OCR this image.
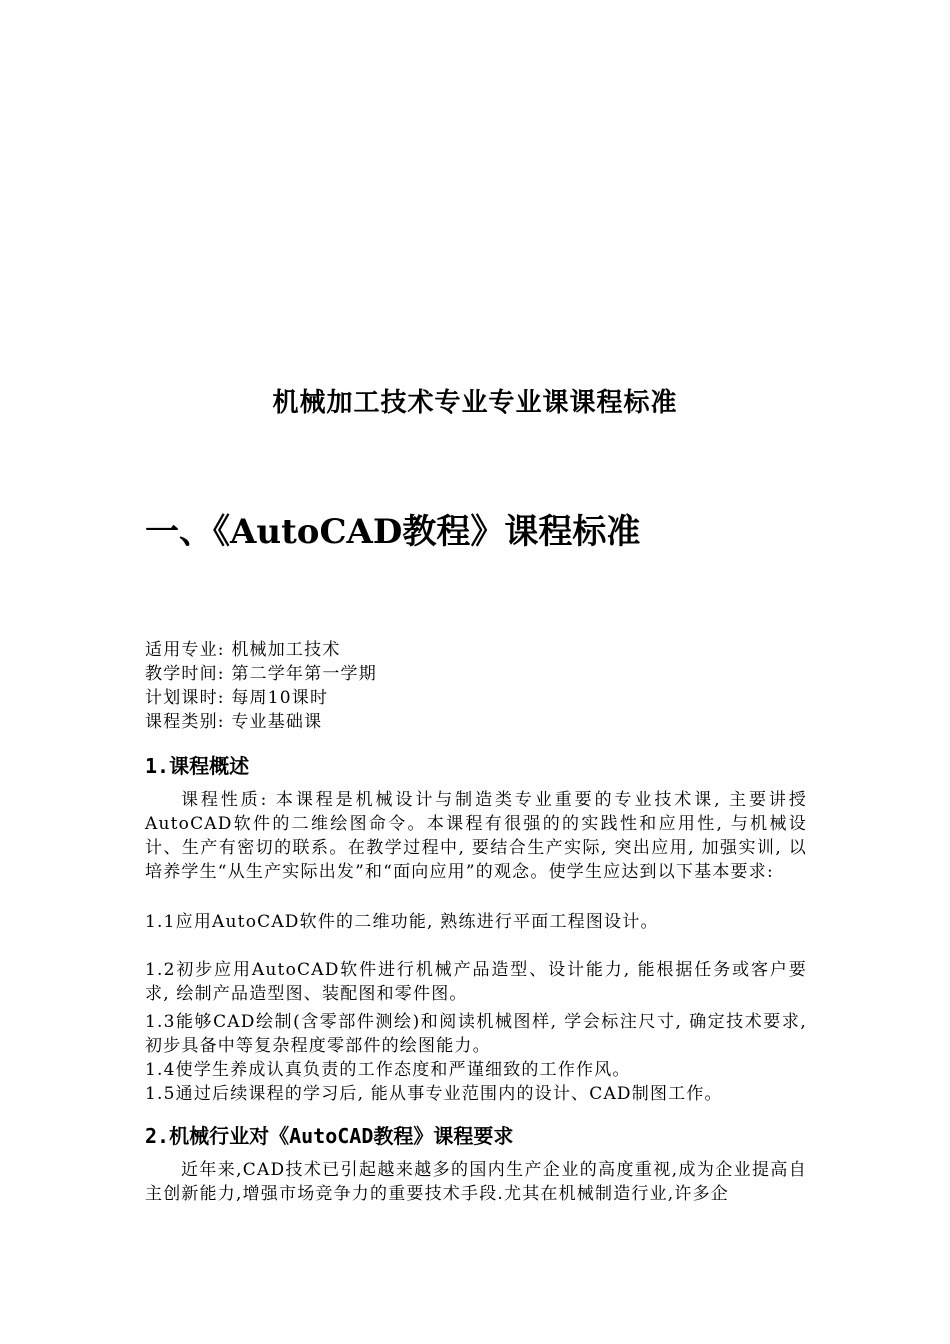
机械加工技术专业专业课课程标准
一、《AutoCAD教程》课程标准
适用专业: 机械加工技术
教学时间: 第二学年第一学期
计划课时: 每周10课时
课程类别: 专业基础课
1.课程概述
课程性质: 本课程是机械设计与制造类专业重要的专业技术课, 主要讲授AutoCAD软件的二维绘图命令。本课程有很强的的实践性和应用性, 与机械设计、生产有密切的联系。在教学过程中, 要结合生产实际, 突出应用, 加强实训, 以培养学生“从生产实际出发”和“面向应用”的观念。使学生应达到以下基本要求:
1.1应用AutoCAD软件的二维功能, 熟练进行平面工程图设计。
1.2初步应用AutoCAD软件进行机械产品造型、设计能力, 能根据任务或客户要求, 绘制产品造型图、装配图和零件图。
1.3能够CAD绘制(含零部件测绘)和阅读机械图样, 学会标注尺寸, 确定技术要求, 初步具备中等复杂程度零部件的绘图能力。
1.4使学生养成认真负责的工作态度和严谨细致的工作作风。
1.5通过后续课程的学习后, 能从事专业范围内的设计、CAD制图工作。
2.机械行业对《AutoCAD教程》课程要求
近年来,CAD技术已引起越来越多的国内生产企业的高度重视,成为企业提高自主创新能力,增强市场竞争力的重要技术手段.尤其在机械制造行业,许多企
